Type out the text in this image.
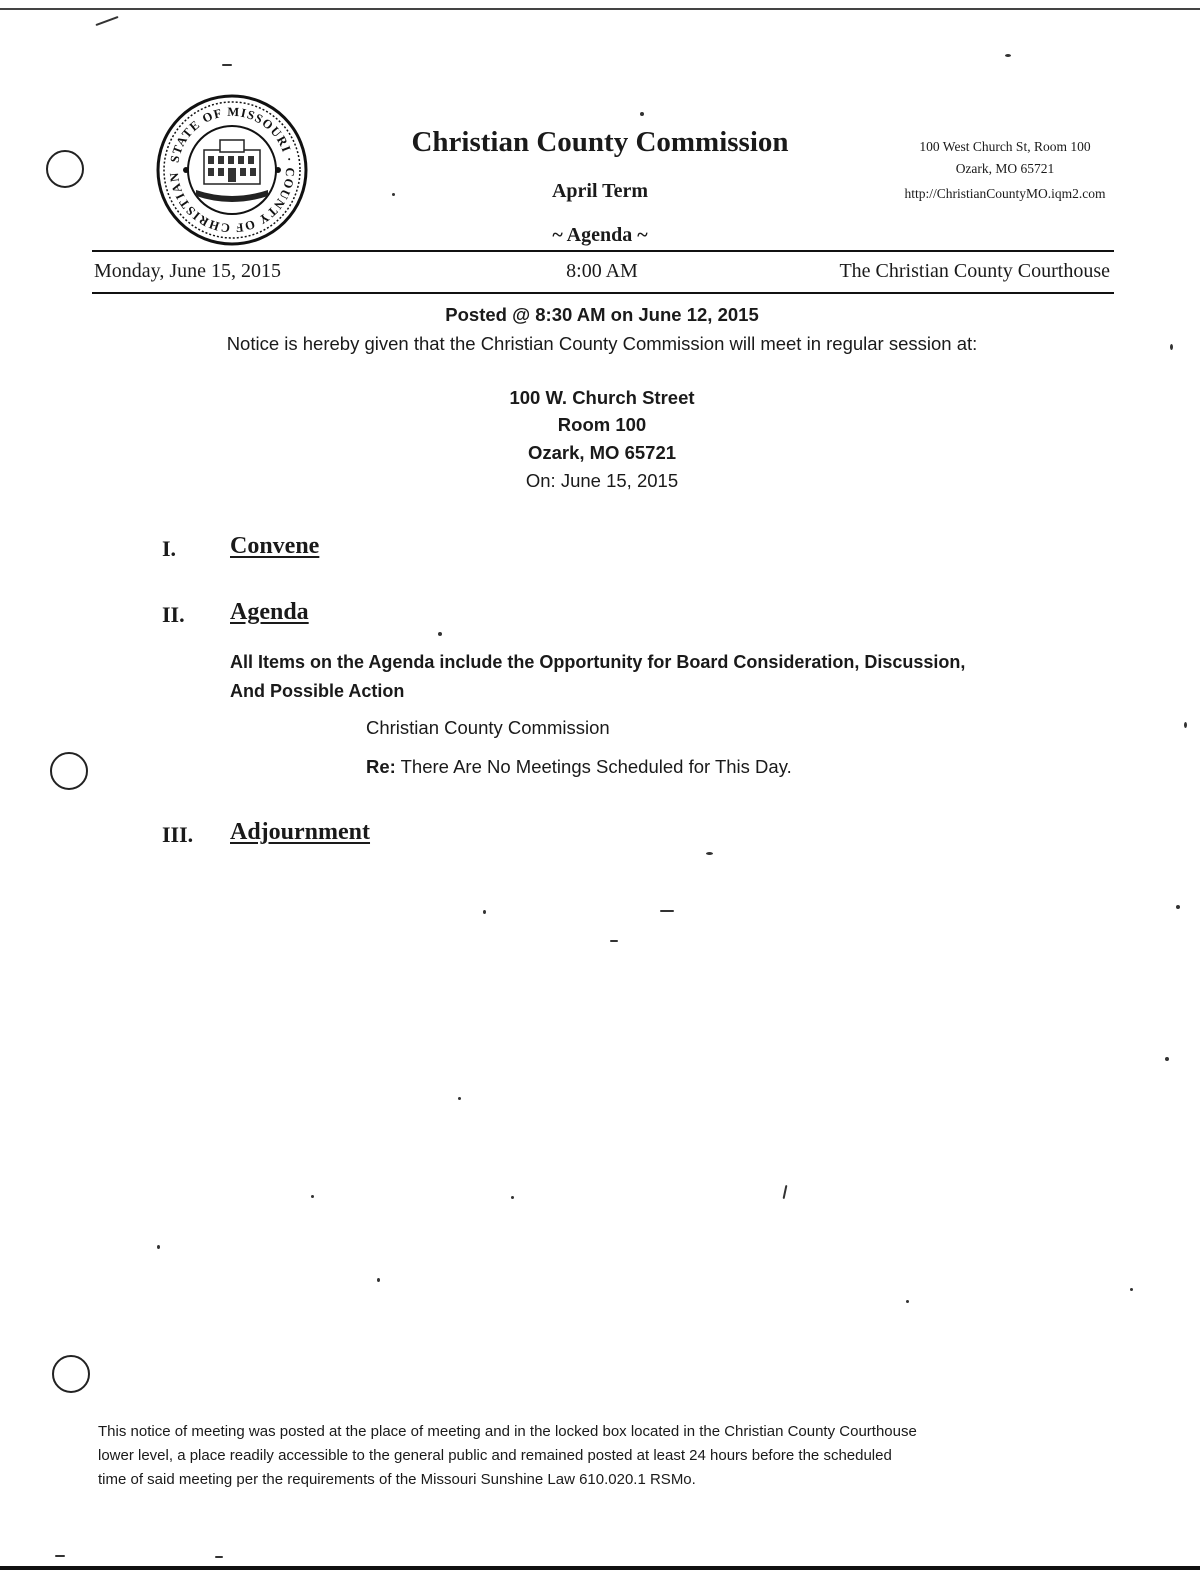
STATE OF MISSOURI · COUNTY OF CHRISTIAN
Christian County Commission
April Term
~ Agenda ~
100 West Church St, Room 100
Ozark, MO 65721
http://ChristianCountyMO.iqm2.com
Monday, June 15, 2015	8:00 AM	The Christian County Courthouse
Posted @ 8:30 AM on June 12, 2015
Notice is hereby given that the Christian County Commission will meet in regular session at:
100 W. Church Street
Room 100
Ozark, MO 65721
On: June 15, 2015
I. Convene
II. Agenda
All Items on the Agenda include the Opportunity for Board Consideration, Discussion,
And Possible Action
Christian County Commission
Re: There Are No Meetings Scheduled for This Day.
III. Adjournment
This notice of meeting was posted at the place of meeting and in the locked box located in the Christian County Courthouse
lower level, a place readily accessible to the general public and remained posted at least 24 hours before the scheduled
time of said meeting per the requirements of the Missouri Sunshine Law 610.020.1 RSMo.
